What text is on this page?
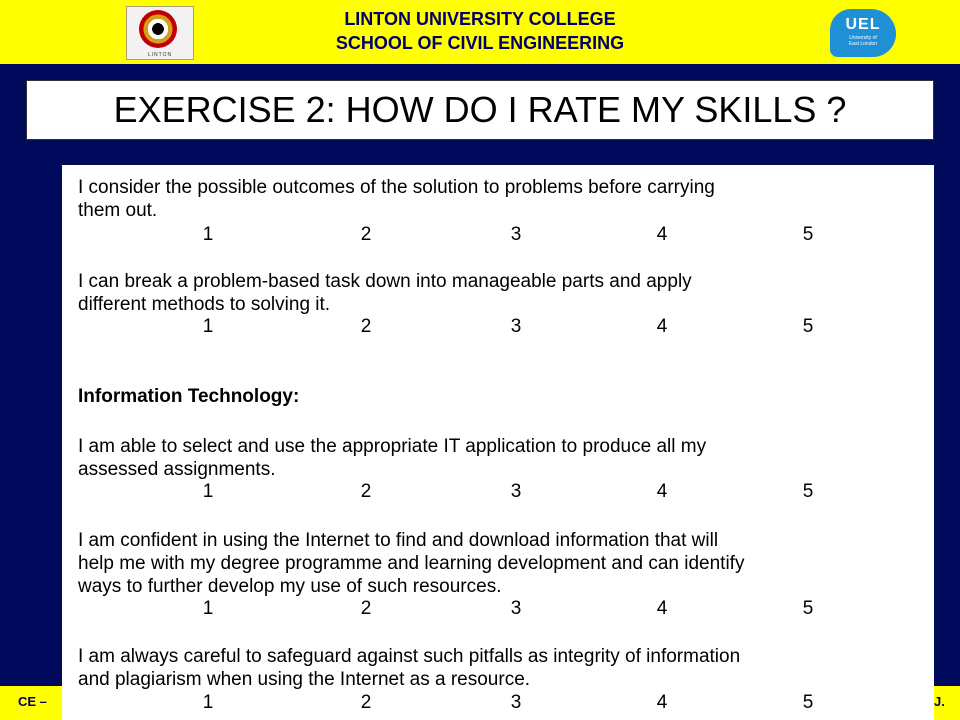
LINTON
LINTON UNIVERSITY COLLEGE
SCHOOL OF CIVIL ENGINEERING
UEL
University of
East London
EXERCISE 2: HOW DO I RATE MY SKILLS ?
CE –	J.
I consider the possible outcomes of the solution to problems before carrying
them out.
1	2	3	4	5
I can break a problem-based task down into manageable parts and apply
different methods to solving it.
1	2	3	4	5
Information Technology:
I am able to select and use the appropriate IT application to produce all my
assessed assignments.
1	2	3	4	5
I am confident in using the Internet to find and download information that will
help me with my degree programme and learning development and can identify
ways to further develop my use of such resources.
1	2	3	4	5
I am always careful to safeguard against such pitfalls as integrity of information
and plagiarism when using the Internet as a resource.
1	2	3	4	5
